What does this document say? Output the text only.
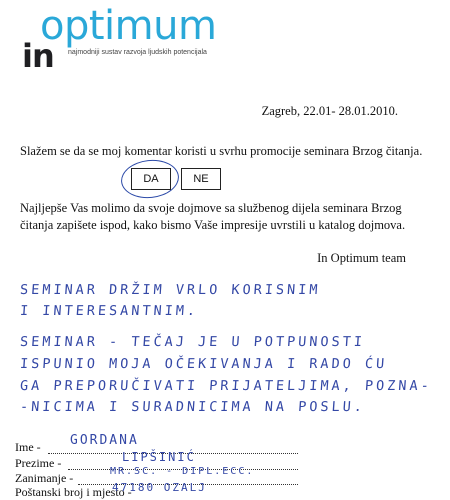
optimum
in najmodniji sustav razvoja ljudskih potencijala
Zagreb, 22.01- 28.01.2010.
Slažem se da se moj komentar koristi u svrhu promocije seminara Brzog čitanja.
DA	NE
Najljepše Vas molimo da svoje dojmove sa službenog dijela seminara Brzog čitanja zapišete ispod, kako bismo Vaše impresije uvrstili u katalog dojmova.
In Optimum team
SEMINAR DRŽIM VRLO KORISNIM
I INTERESANTNIM.
SEMINAR - TEČAJ JE U POTPUNOSTI
ISPUNIO MOJA OČEKIVANJA I RADO ĆU
GA PREPORUČIVATI PRIJATELJIMA, POZNA-
-NICIMA I SURADNICIMA NA POSLU.
Ime - GORDANA
Prezime -	LIPŠINIĆ
Zanimanje -	MR.SC. - DIPL.ECC.
Poštanski broj i mjesto -
47180 OZALJ
